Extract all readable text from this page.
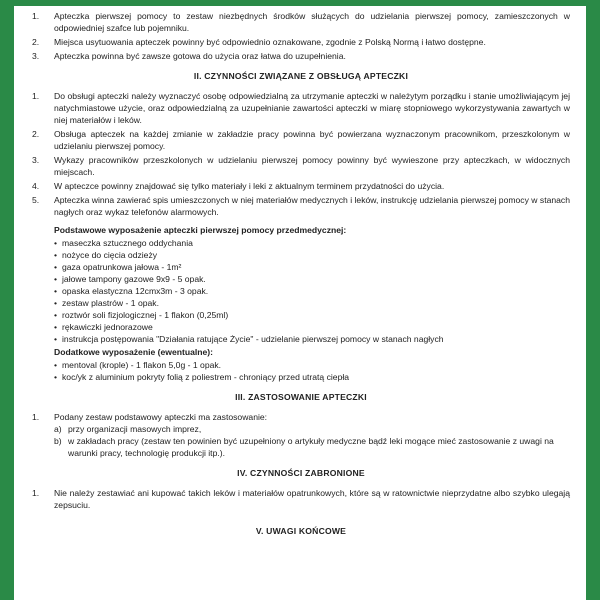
1.	Apteczka pierwszej pomocy to zestaw niezbędnych środków służących do udzielania pierwszej pomocy, zamieszczonych w odpowiedniej szafce lub pojemniku.
2.	Miejsca usytuowania apteczek powinny być odpowiednio oznakowane, zgodnie z Polską Normą i łatwo dostępne.
3.	Apteczka powinna być zawsze gotowa do użycia oraz łatwa do uzupełnienia.
II. CZYNNOŚCI ZWIĄZANE Z OBSŁUGĄ APTECZKI
1.	Do obsługi apteczki należy wyznaczyć osobę odpowiedzialną za utrzymanie apteczki w należytym porządku i stanie umożliwiającym jej natychmiastowe użycie, oraz odpowiedzialną za uzupełnianie zawartości apteczki w miarę stopniowego wykorzystywania zawartych w niej materiałów i leków.
2.	Obsługa apteczek na każdej zmianie w zakładzie pracy powinna być powierzana wyznaczonym pracownikom, przeszkolonym w udzielaniu pierwszej pomocy.
3.	Wykazy pracowników przeszkolonych w udzielaniu pierwszej pomocy powinny być wywieszone przy apteczkach, w widocznych miejscach.
4.	W apteczce powinny znajdować się tylko materiały i leki z aktualnym terminem przydatności do użycia.
5.	Apteczka winna zawierać spis umieszczonych w niej materiałów medycznych i leków, instrukcję udzielania pierwszej pomocy w stanach nagłych oraz wykaz telefonów alarmowych.
Podstawowe wyposażenie apteczki pierwszej pomocy przedmedycznej:
• maseczka sztucznego oddychania
• nożyce do cięcia odzieży
• gaza opatrunkowa jałowa - 1m²
• jałowe tampony gazowe 9x9 - 5 opak.
• opaska elastyczna 12cmx3m - 3 opak.
• zestaw plastrów - 1 opak.
• roztwór soli fizjologicznej - 1 flakon (0,25ml)
• rękawiczki jednorazowe
• instrukcja postępowania "Działania ratujące Życie" - udzielanie pierwszej pomocy w stanach nagłych
Dodatkowe wyposażenie (ewentualne):
• mentoval (krople) - 1 flakon 5,0g - 1 opak.
• koc/yk z aluminium pokryty folią z poliestrem - chroniący przed utratą ciepła
III. ZASTOSOWANIE APTECZKI
1.	Podany zestaw podstawowy apteczki ma zastosowanie:
a) przy organizacji masowych imprez,
b) w zakładach pracy (zestaw ten powinien być uzupełniony o artykuły medyczne bądź leki mogące mieć zastosowanie z uwagi na warunki pracy, technologię produkcji itp.).
IV. CZYNNOŚCI ZABRONIONE
1.	Nie należy zestawiać ani kupować takich leków i materiałów opatrunkowych, które są w ratownictwie nieprzydatne albo szybko ulegają zepsuciu.
V. UWAGI KOŃCOWE
